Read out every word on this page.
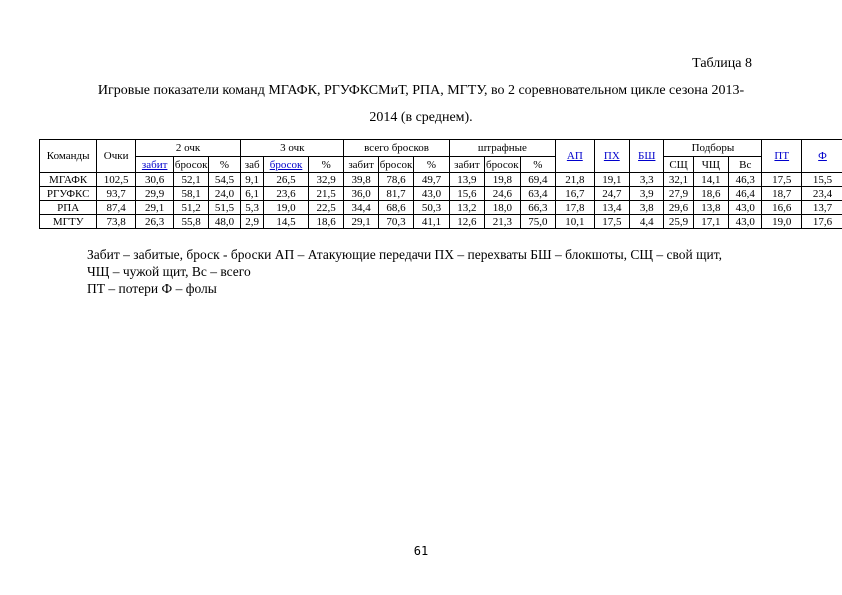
Таблица 8
Игровые показатели команд МГАФК, РГУФКСМиТ, РПА, МГТУ, во 2 соревновательном цикле сезона 2013-
2014 (в среднем).
Команды	Очки	2 очк			3 очк			всего бросков			штрафные			АП	ПХ	БШ	Подборы			ПТ	Ф
		забит	бросок	%	заб	бросок	%	забит	бросок	%	забит	бросок	%				СЩ	ЧЩ	Вс		
МГАФК	102,5	30,6	52,1	54,5	9,1	26,5	32,9	39,8	78,6	49,7	13,9	19,8	69,4	21,8	19,1	3,3	32,1	14,1	46,3	17,5	15,5
РГУФКС	93,7	29,9	58,1	24,0	6,1	23,6	21,5	36,0	81,7	43,0	15,6	24,6	63,4	16,7	24,7	3,9	27,9	18,6	46,4	18,7	23,4
РПА	87,4	29,1	51,2	51,5	5,3	19,0	22,5	34,4	68,6	50,3	13,2	18,0	66,3	17,8	13,4	3,8	29,6	13,8	43,0	16,6	13,7
МГТУ	73,8	26,3	55,8	48,0	2,9	14,5	18,6	29,1	70,3	41,1	12,6	21,3	75,0	10,1	17,5	4,4	25,9	17,1	43,0	19,0	17,6
Забит – забитые, броск - броски АП – Атакующие передачи ПХ – перехваты БШ – блокшоты, СЩ – свой щит,
ЧЩ – чужой щит, Вс – всего
ПТ – потери Ф – фолы
61
